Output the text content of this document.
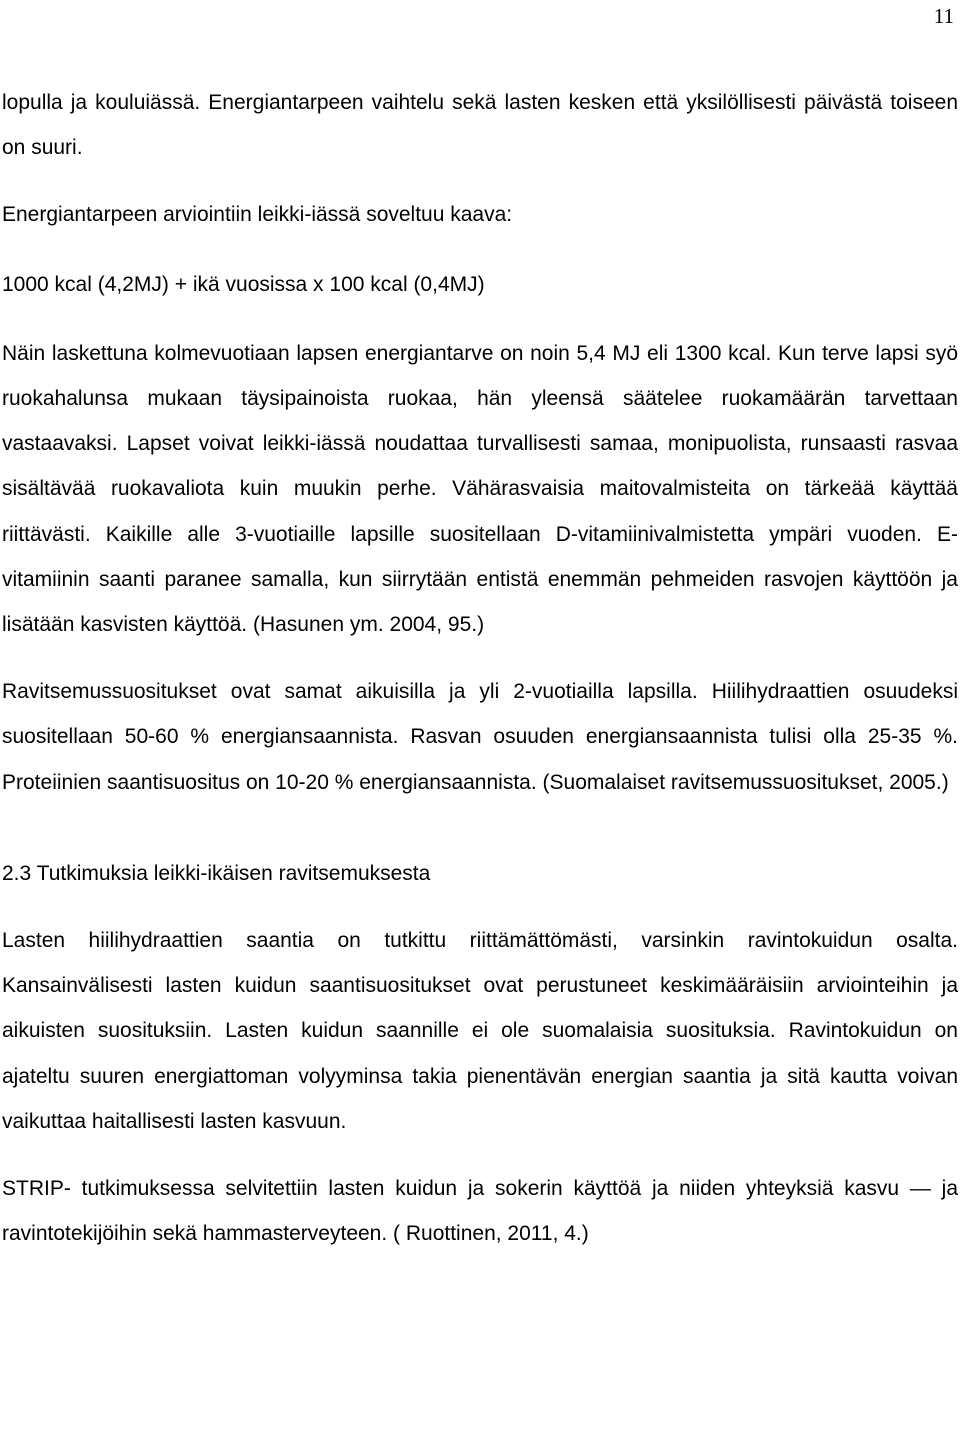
11

lopulla ja kouluiässä. Energiantarpeen vaihtelu sekä lasten kesken että yksilöllisesti päivästä toiseen on suuri.

Energiantarpeen arviointiin leikki-iässä soveltuu kaava:

1000 kcal (4,2MJ) + ikä vuosissa x 100 kcal (0,4MJ)

Näin laskettuna kolmevuotiaan lapsen energiantarve on noin 5,4 MJ eli 1300 kcal. Kun terve lapsi syö ruokahalunsa mukaan täysipainoista ruokaa, hän yleensä säätelee ruokamäärän tarvettaan vastaavaksi. Lapset voivat leikki-iässä noudattaa turvallisesti samaa, monipuolista, runsaasti rasvaa sisältävää ruokavaliota kuin muukin perhe. Vähärasvaisia maitovalmisteita on tärkeää käyttää riittävästi. Kaikille alle 3-vuotiaille lapsille suositellaan D-vitamiinivalmistetta ympäri vuoden. E-vitamiinin saanti paranee samalla, kun siirrytään entistä enemmän pehmeiden rasvojen käyttöön ja lisätään kasvisten käyttöä. (Hasunen ym. 2004, 95.)

Ravitsemussuositukset ovat samat aikuisilla ja yli 2-vuotiailla lapsilla. Hiilihydraattien osuudeksi suositellaan 50-60 % energiansaannista. Rasvan osuuden energiansaannista tulisi olla 25-35 %. Proteiinien saantisuositus on 10-20 % energiansaannista. (Suomalaiset ravitsemussuositukset, 2005.)

2.3 Tutkimuksia leikki-ikäisen ravitsemuksesta

Lasten hiilihydraattien saantia on tutkittu riittämättömästi, varsinkin ravintokuidun osalta. Kansainvälisesti lasten kuidun saantisuositukset ovat perustuneet keskimääräisiin arviointeihin ja aikuisten suosituksiin. Lasten kuidun saannille ei ole suomalaisia suosituksia. Ravintokuidun on ajateltu suuren energiattoman volyyminsa takia pienentävän energian saantia ja sitä kautta voivan vaikuttaa haitallisesti lasten kasvuun.

STRIP- tutkimuksessa selvitettiin lasten kuidun ja sokerin käyttöä ja niiden yhteyksiä kasvu — ja ravintotekijöihin sekä hammasterveyteen. ( Ruottinen, 2011, 4.)
